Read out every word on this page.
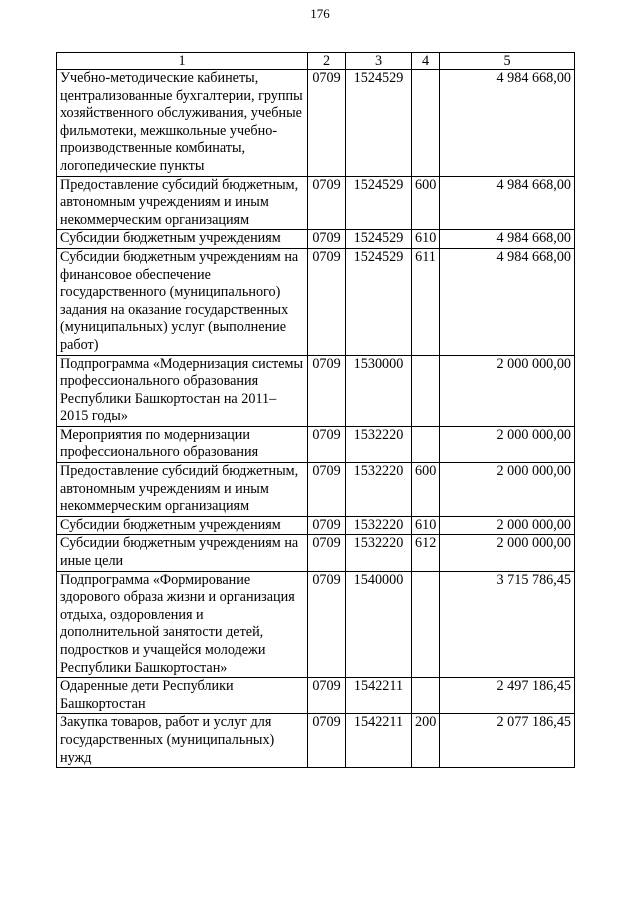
176
1	2	3	4	5
Учебно-методические кабинеты, централизованные бухгалтерии, группы хозяйственного обслуживания, учебные фильмотеки, межшкольные учебно-производственные комбинаты, логопедические пункты	0709	1524529		4 984 668,00
Предоставление субсидий бюджетным, автономным учреждениям и иным некоммерческим организациям	0709	1524529	600	4 984 668,00
Субсидии бюджетным учреждениям	0709	1524529	610	4 984 668,00
Субсидии бюджетным учреждениям на финансовое обеспечение государственного (муниципального) задания на оказание государственных (муниципальных) услуг (выполнение работ)	0709	1524529	611	4 984 668,00
Подпрограмма «Модернизация системы профессионального образования Республики Башкортостан на 2011–2015 годы»	0709	1530000		2 000 000,00
Мероприятия по модернизации профессионального образования	0709	1532220		2 000 000,00
Предоставление субсидий бюджетным, автономным учреждениям и иным некоммерческим организациям	0709	1532220	600	2 000 000,00
Субсидии бюджетным учреждениям	0709	1532220	610	2 000 000,00
Субсидии бюджетным учреждениям на иные цели	0709	1532220	612	2 000 000,00
Подпрограмма «Формирование здорового образа жизни и организация отдыха, оздоровления и дополнительной занятости детей, подростков и учащейся молодежи Республики Башкортостан»	0709	1540000		3 715 786,45
Одаренные дети Республики Башкортостан	0709	1542211		2 497 186,45
Закупка товаров, работ и услуг для государственных (муниципальных) нужд	0709	1542211	200	2 077 186,45
